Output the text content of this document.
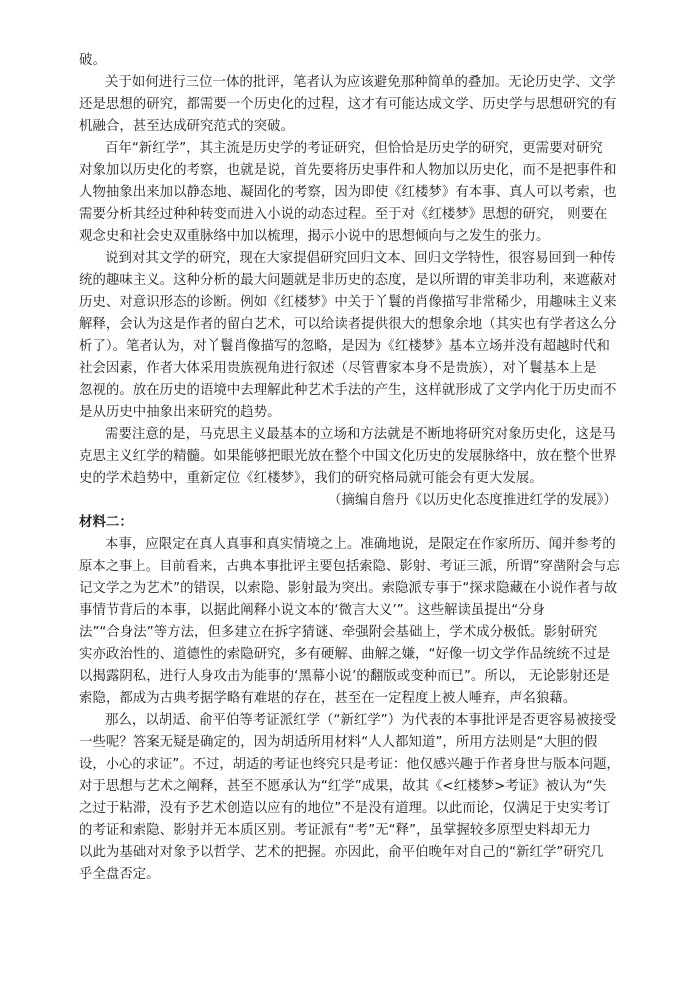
破。
关于如何进行三位一体的批评，笔者认为应该避免那种简单的叠加。无论历史学、文学
还是思想的研究，都需要一个历史化的过程，这才有可能达成文学、历史学与思想研究的有
机融合，甚至达成研究范式的突破。
百年“新红学”，其主流是历史学的考证研究，但恰恰是历史学的研究，更需要对研究
对象加以历史化的考察，也就是说，首先要将历史事件和人物加以历史化，而不是把事件和
人物抽象出来加以静态地、凝固化的考察，因为即使《红楼梦》有本事、真人可以考索，也
需要分析其经过种种转变而进入小说的动态过程。至于对《红楼梦》思想的研究， 则要在
观念史和社会史双重脉络中加以梳理，揭示小说中的思想倾向与之发生的张力。
说到对其文学的研究，现在大家提倡研究回归文本、回归文学特性，很容易回到一种传
统的趣味主义。这种分析的最大问题就是非历史的态度，是以所谓的审美非功利，来遮蔽对
历史、对意识形态的诊断。例如《红楼梦》中关于丫鬟的肖像描写非常稀少，用趣味主义来
解释，会认为这是作者的留白艺术，可以给读者提供很大的想象余地（其实也有学者这么分
析了）。笔者认为，对丫鬟肖像描写的忽略，是因为《红楼梦》基本立场并没有超越时代和
社会因素，作者大体采用贵族视角进行叙述（尽管曹家本身不是贵族），对丫鬟基本上是
忽视的。放在历史的语境中去理解此种艺术手法的产生，这样就形成了文学内化于历史而不
是从历史中抽象出来研究的趋势。
需要注意的是，马克思主义最基本的立场和方法就是不断地将研究对象历史化，这是马
克思主义红学的精髓。如果能够把眼光放在整个中国文化历史的发展脉络中，放在整个世界
史的学术趋势中，重新定位《红楼梦》，我们的研究格局就可能会有更大发展。
（摘编自詹丹《以历史化态度推进红学的发展》）
材料二：
本事，应限定在真人真事和真实情境之上。准确地说，是限定在作家所历、闻并参考的
原本之事上。目前看来，古典本事批评主要包括索隐、影射、考证三派，所谓“穿凿附会与忘
记文学之为艺术”的错误，以索隐、影射最为突出。索隐派专事于“探求隐藏在小说作者与故
事情节背后的本事，以据此阐释小说文本的‘微言大义’”。这些解读虽提出“分身
法”“合身法”等方法，但多建立在拆字猜谜、牵强附会基础上，学术成分极低。影射研究
实亦政治性的、道德性的索隐研究，多有硬解、曲解之嫌，“好像一切文学作品统统不过是
以揭露阴私，进行人身攻击为能事的‘黑幕小说’的翻版或变种而已”。所以， 无论影射还是
索隐，都成为古典考据学略有难堪的存在，甚至在一定程度上被人唾弃，声名狼藉。
那么，以胡适、俞平伯等考证派红学（“新红学”）为代表的本事批评是否更容易被接受
一些呢？答案无疑是确定的，因为胡适所用材料“人人都知道”，所用方法则是“大胆的假
设，小心的求证”。不过，胡适的考证也终究只是考证：他仅感兴趣于作者身世与版本问题，
对于思想与艺术之阐释，甚至不愿承认为“红学”成果，故其《<红楼梦>考证》被认为“失
之过于粘滞，没有予艺术创造以应有的地位”不是没有道理。以此而论，仅满足于史实考订
的考证和索隐、影射并无本质区别。考证派有“考”无“释”，虽掌握较多原型史料却无力
以此为基础对对象予以哲学、艺术的把握。亦因此，俞平伯晚年对自己的“新红学”研究几
乎全盘否定。
